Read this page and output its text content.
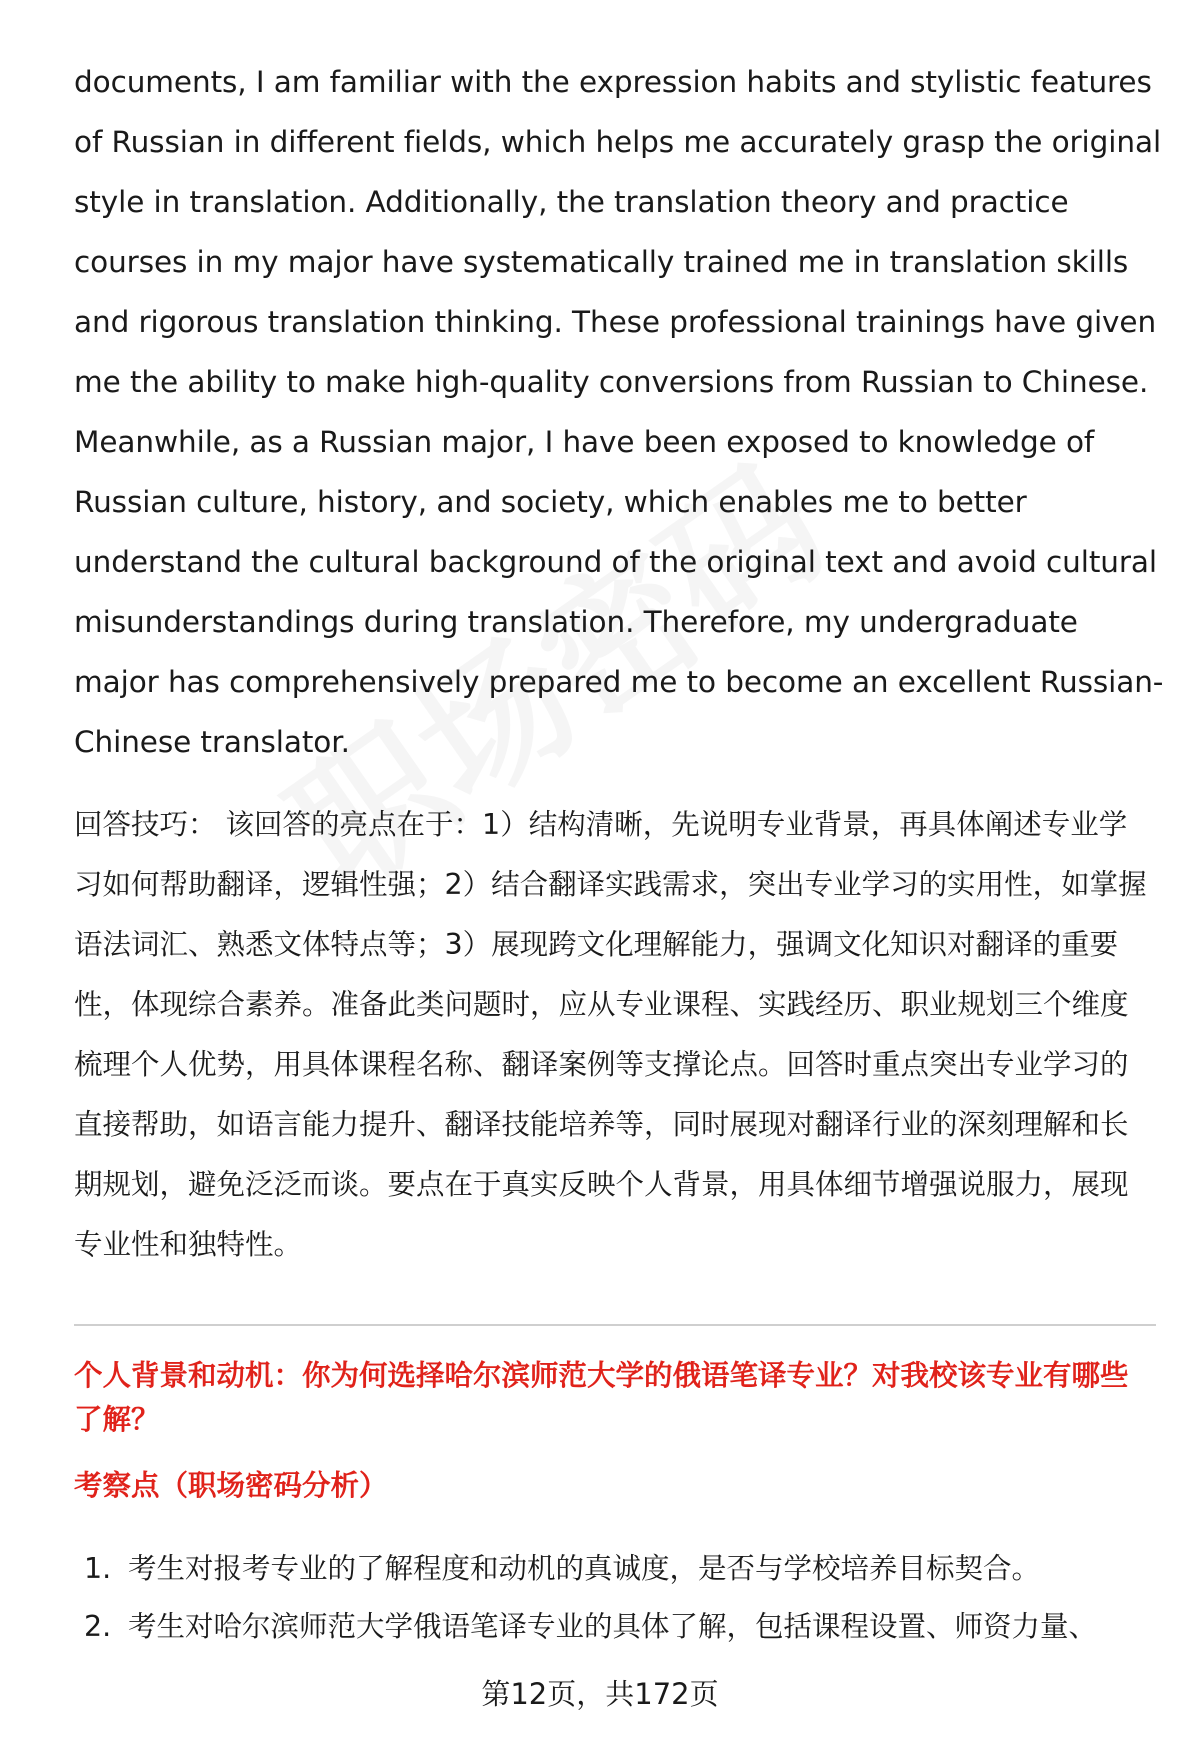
documents, I am familiar with the expression habits and stylistic features of Russian in different fields, which helps me accurately grasp the original style in translation. Additionally, the translation theory and practice courses in my major have systematically trained me in translation skills and rigorous translation thinking. These professional trainings have given me the ability to make high-quality conversions from Russian to Chinese. Meanwhile, as a Russian major, I have been exposed to knowledge of Russian culture, history, and society, which enables me to better understand the cultural background of the original text and avoid cultural misunderstandings during translation. Therefore, my undergraduate major has comprehensively prepared me to become an excellent Russian-Chinese translator.

回答技巧： 该回答的亮点在于：1）结构清晰，先说明专业背景，再具体阐述专业学习如何帮助翻译，逻辑性强；2）结合翻译实践需求，突出专业学习的实用性，如掌握语法词汇、熟悉文体特点等；3）展现跨文化理解能力，强调文化知识对翻译的重要性，体现综合素养。准备此类问题时，应从专业课程、实践经历、职业规划三个维度梳理个人优势，用具体课程名称、翻译案例等支撑论点。回答时重点突出专业学习的直接帮助，如语言能力提升、翻译技能培养等，同时展现对翻译行业的深刻理解和长期规划，避免泛泛而谈。要点在于真实反映个人背景，用具体细节增强说服力，展现专业性和独特性。

个人背景和动机：你为何选择哈尔滨师范大学的俄语笔译专业？对我校该专业有哪些了解？

考察点（职场密码分析）

1. 考生对报考专业的了解程度和动机的真诚度，是否与学校培养目标契合。
2. 考生对哈尔滨师范大学俄语笔译专业的具体了解，包括课程设置、师资力量、
第12页，共172页
